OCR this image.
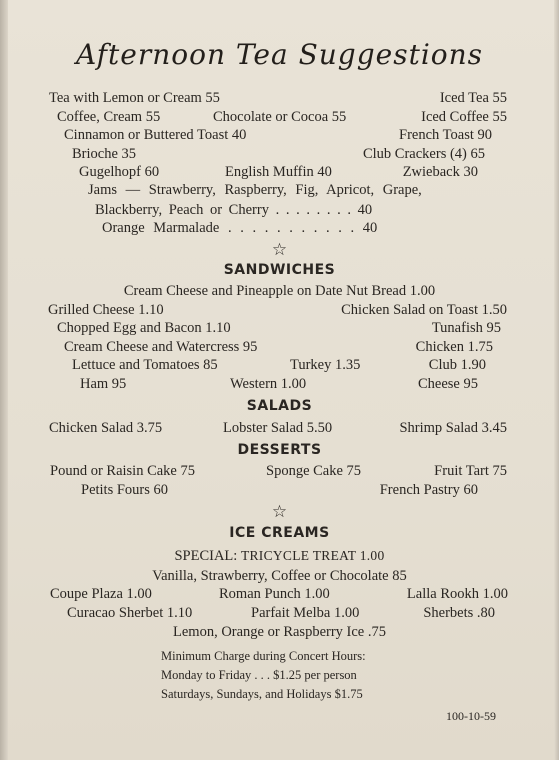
Afternoon Tea Suggestions
Tea with Lemon or Cream 55	Iced Tea 55
Coffee, Cream 55	Chocolate or Cocoa 55	Iced Coffee 55
Cinnamon or Buttered Toast 40	French Toast 90
Brioche 35	Club Crackers (4) 65
Gugelhopf 60	English Muffin 40	Zwieback 30
Jams — Strawberry, Raspberry, Fig, Apricot, Grape,
Blackberry, Peach or Cherry . . . . . . . . 40
Orange Marmalade . . . . . . . . . . . 40
☆
SANDWICHES
Cream Cheese and Pineapple on Date Nut Bread 1.00
Grilled Cheese 1.10	Chicken Salad on Toast 1.50
Chopped Egg and Bacon 1.10	Tunafish 95
Cream Cheese and Watercress 95	Chicken 1.75
Lettuce and Tomatoes 85	Turkey 1.35	Club 1.90
Ham 95	Western 1.00	Cheese 95
SALADS
Chicken Salad 3.75	Lobster Salad 5.50	Shrimp Salad 3.45
DESSERTS
Pound or Raisin Cake 75	Sponge Cake 75	Fruit Tart 75
Petits Fours 60	French Pastry 60
☆
ICE CREAMS
SPECIAL: TRICYCLE TREAT 1.00
Vanilla, Strawberry, Coffee or Chocolate 85
Coupe Plaza 1.00	Roman Punch 1.00	Lalla Rookh 1.00
Curacao Sherbet 1.10	Parfait Melba 1.00	Sherbets .80
Lemon, Orange or Raspberry Ice .75
Minimum Charge during Concert Hours:
Monday to Friday . . . $1.25 per person
Saturdays, Sundays, and Holidays $1.75
100-10-59
